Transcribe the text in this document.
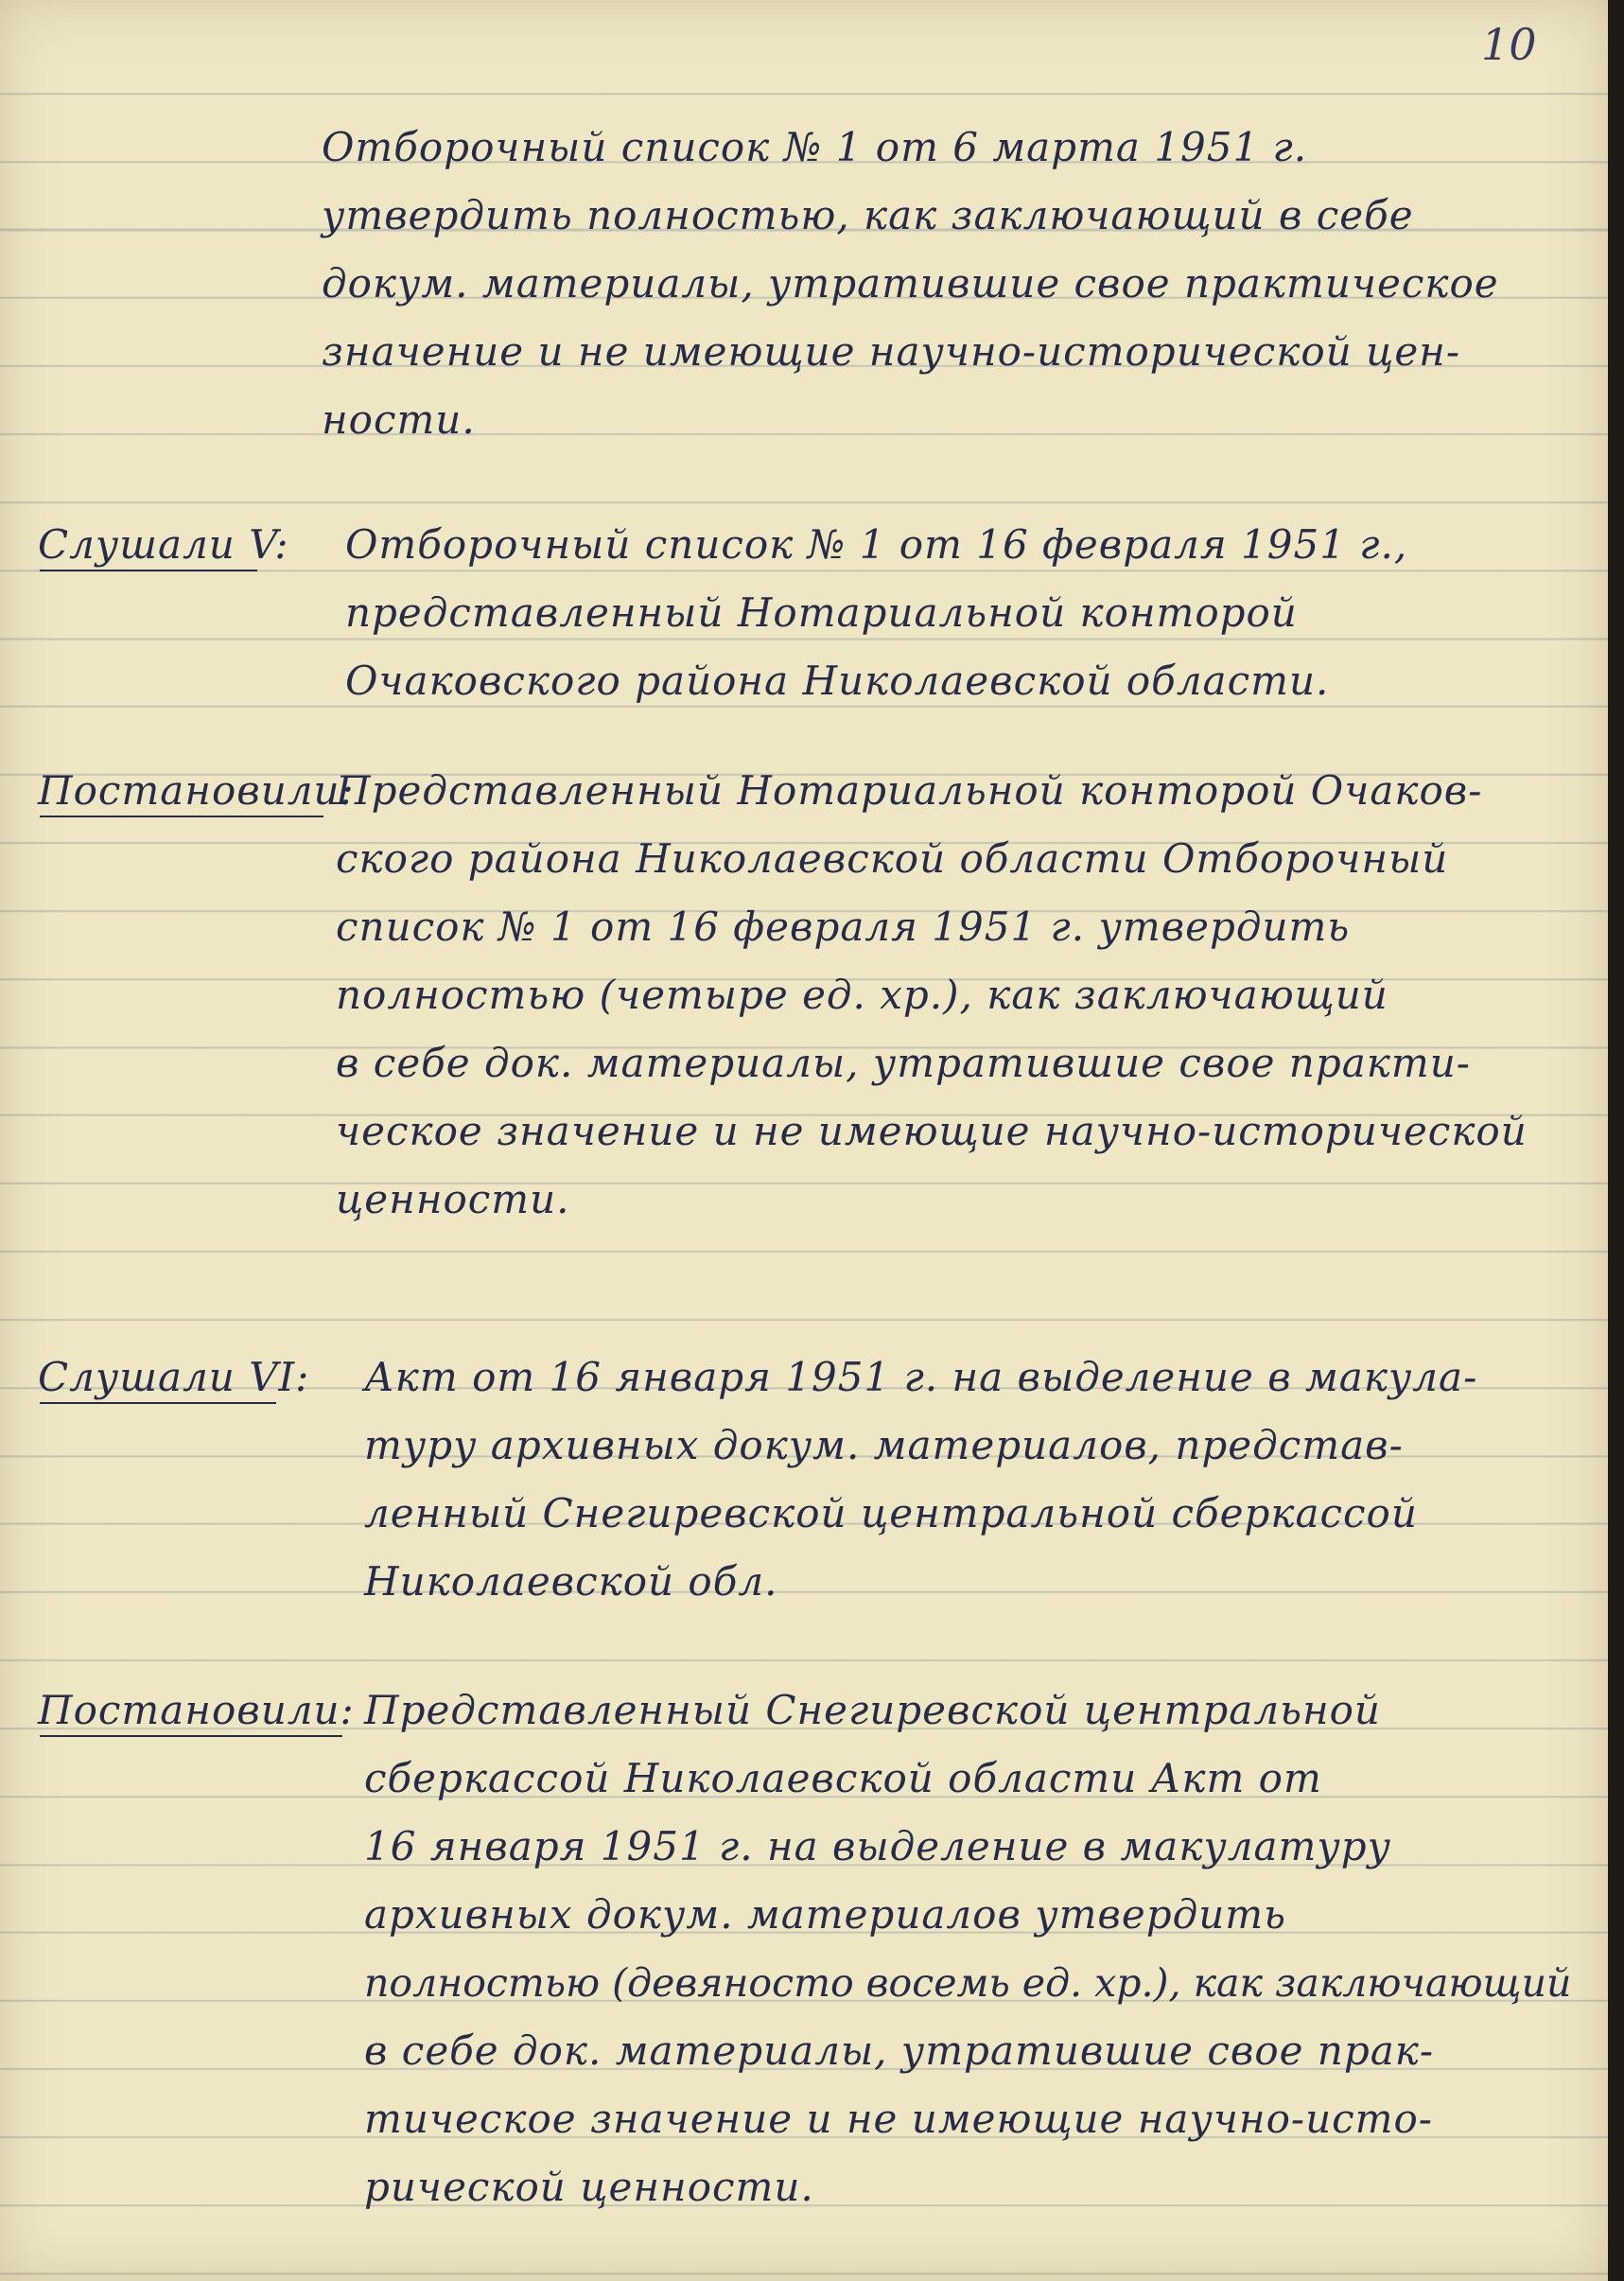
10

Отборочный список № 1 от 6 марта 1951 г.

утвердить полностью, как заключающий в себе

докум. материалы, утратившие свое практическое

значение и не имеющие научно-исторической цен-

ности.

Слушали V: Отборочный список № 1 от 16 февраля 1951 г.,

представленный Нотариальной конторой

Очаковского района Николаевской области.

Постановили:

Представленный Нотариальной конторой Очаков-

ского района Николаевской области Отборочный

список № 1 от 16 февраля 1951 г. утвердить

полностью (четыре ед. хр.), как заключающий

в себе док. материалы, утратившие свое практи-

ческое значение и не имеющие научно-исторической

ценности.

Слушали VI: Акт от 16 января 1951 г. на выделение в макула-

туру архивных докум. материалов, представ-

ленный Снегиревской центральной сберкассой

Николаевской обл.

Постановили: Представленный Снегиревской центральной

сберкассой Николаевской области Акт от

16 января 1951 г. на выделение в макулатуру

архивных докум. материалов утвердить

полностью (девяносто восемь ед. хр.), как заключающий

в себе док. материалы, утратившие свое прак-

тическое значение и не имеющие научно-исто-

рической ценности.
